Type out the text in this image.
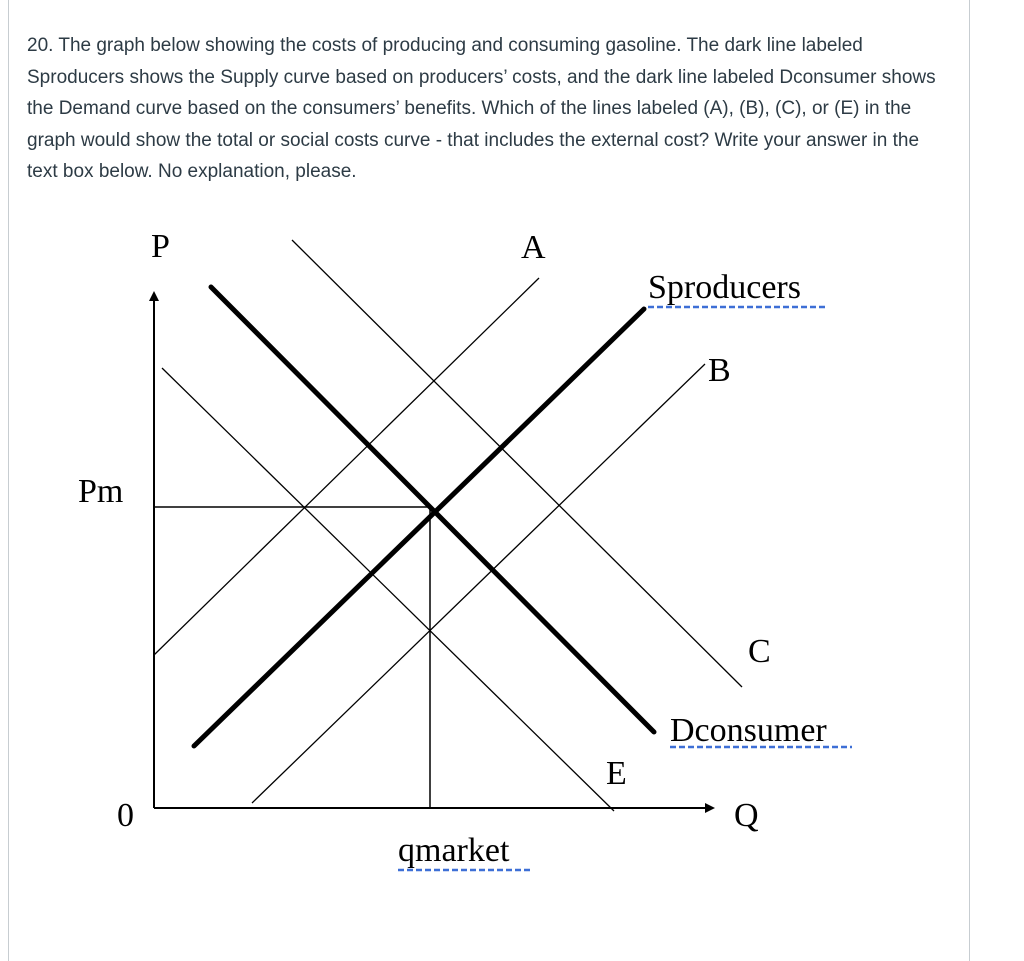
20. The graph below showing the costs of producing and consuming gasoline. The dark line labeled Sproducers shows the Supply curve based on producers’ costs, and the dark line labeled Dconsumer shows the Demand curve based on the consumers’ benefits. Which of the lines labeled (A), (B), (C), or (E) in the graph would show the total or social costs curve - that includes the external cost? Write your answer in the text box below. No explanation, please.

P	A
Sproducers
B
Pm
C
Dconsumer
E
0	Q
qmarket
